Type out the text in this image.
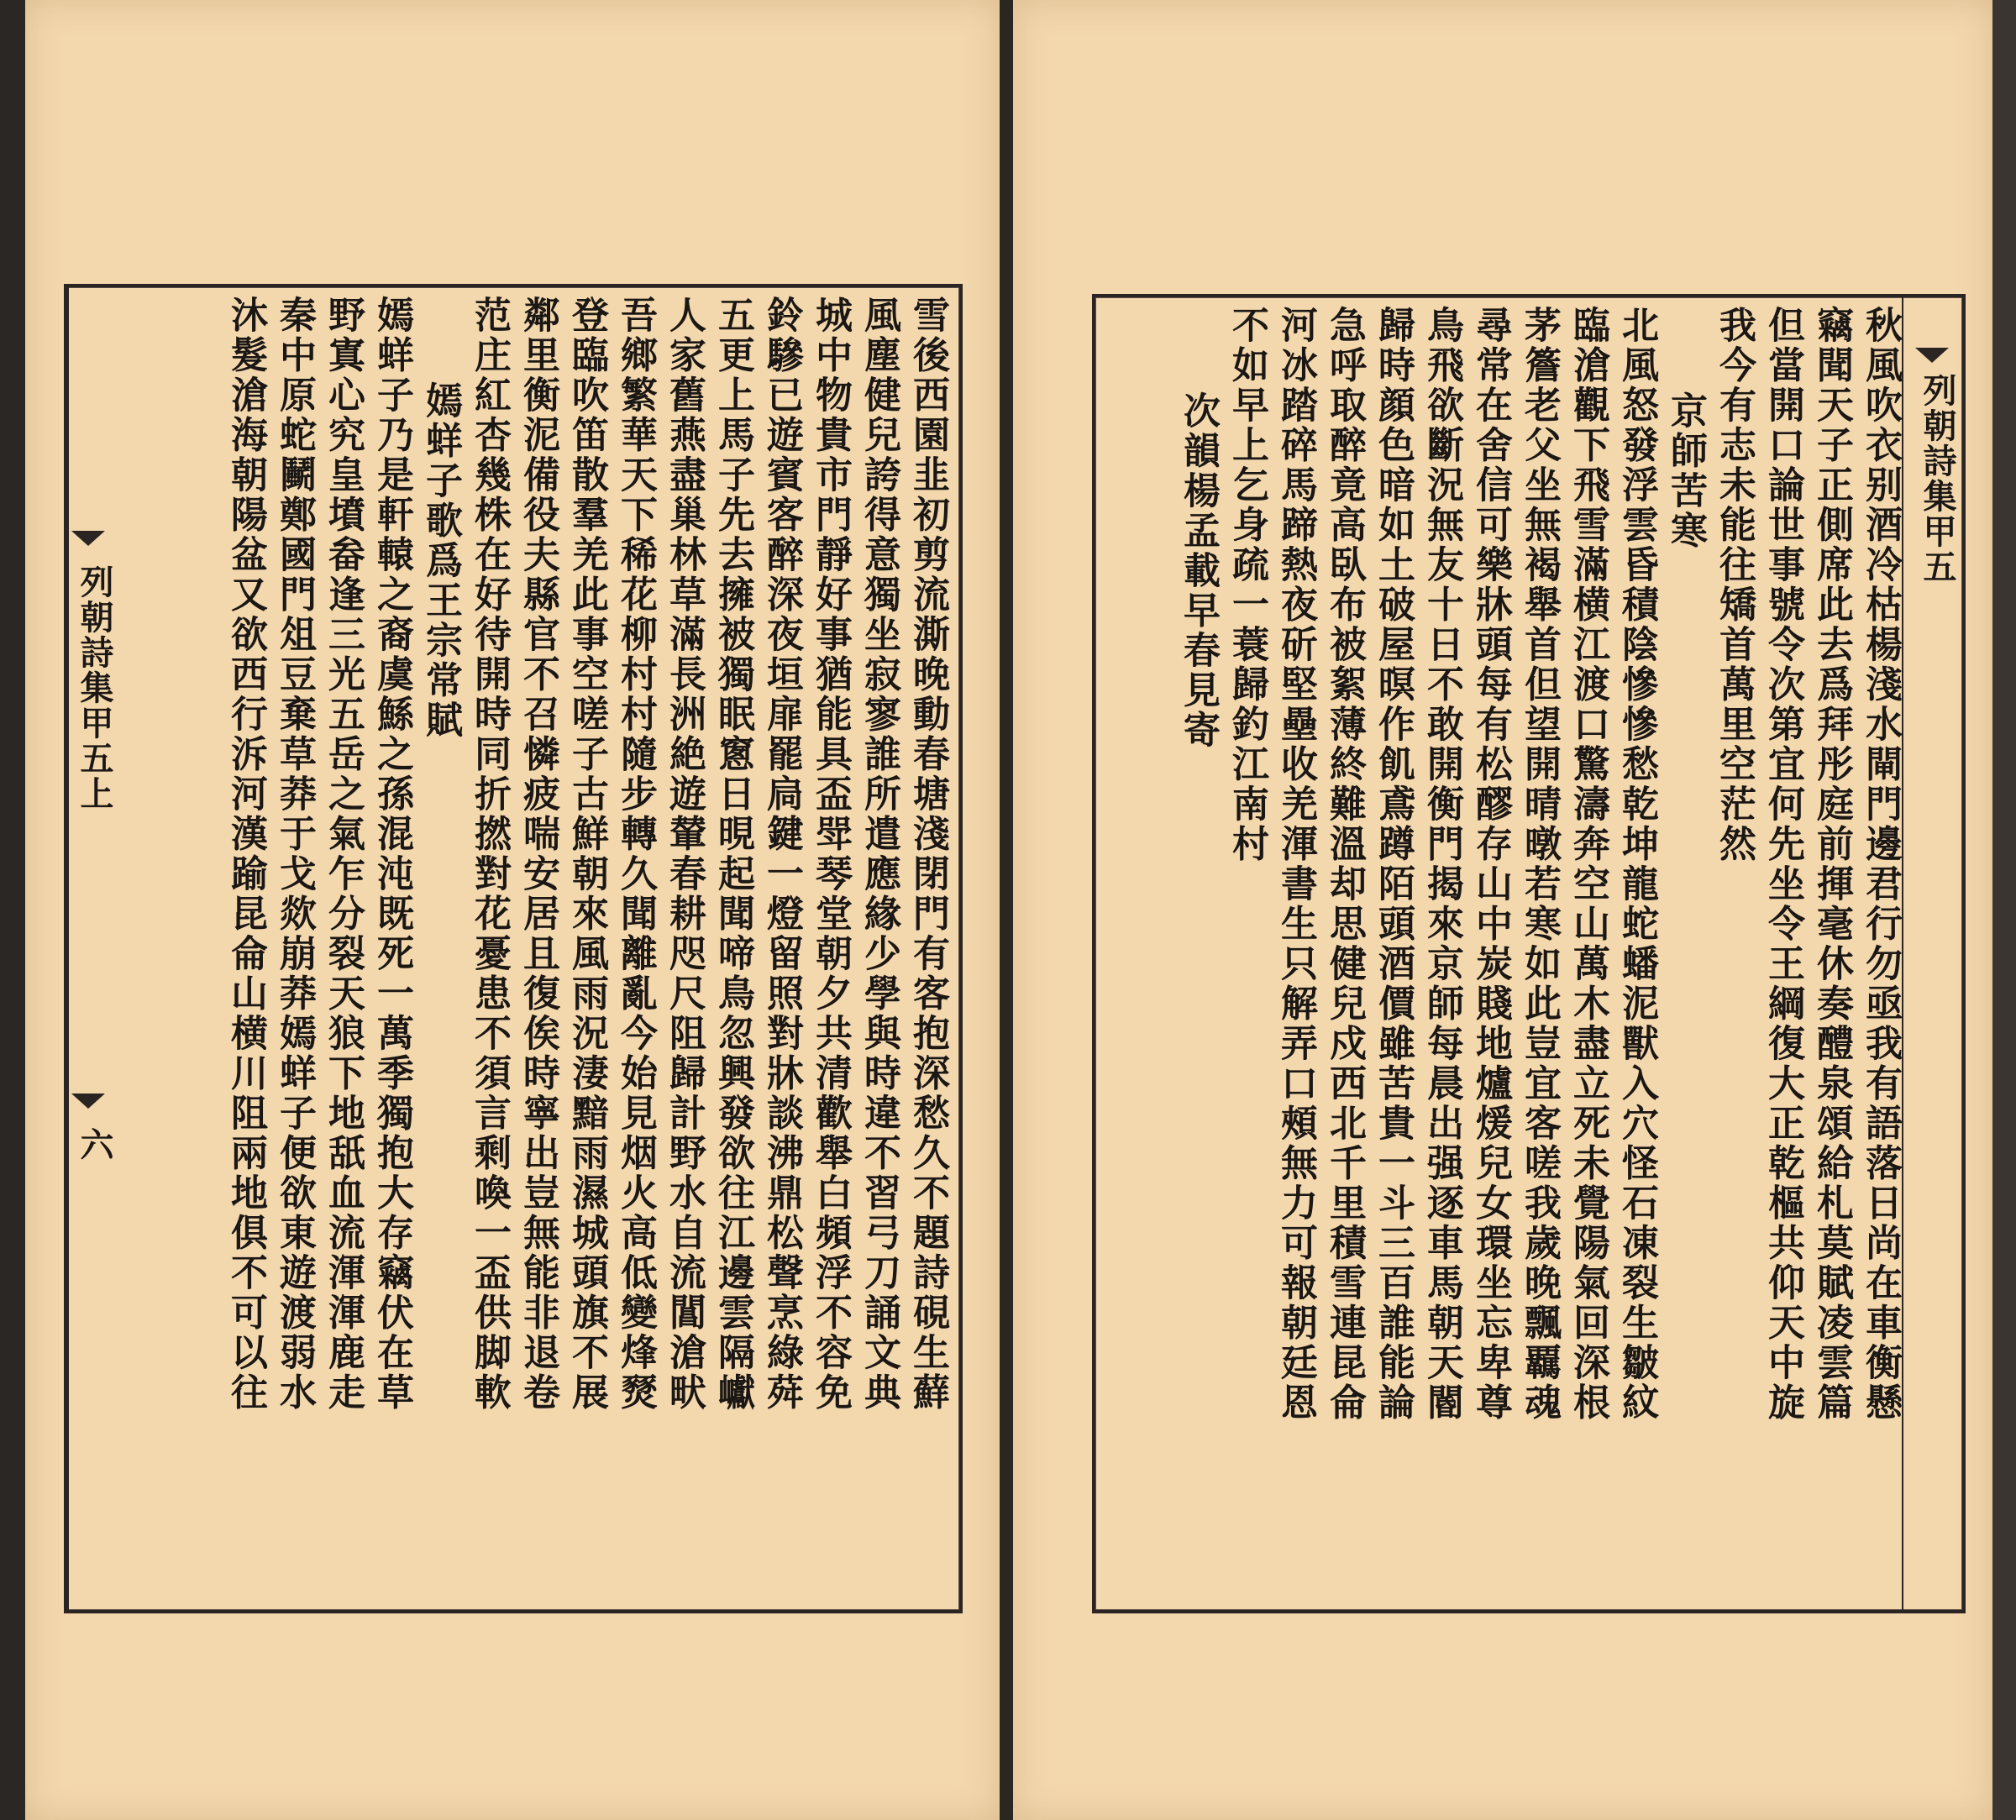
列朝詩集甲五上
六	雪後西園韭初剪流澌晚動春塘淺閉門有客抱深愁久不題詩硯生蘚
風塵健兒誇得意獨坐寂寥誰所遣應緣少學與時違不習弓刀誦文典
城中物貴市門靜好事猶能具盃斝琴堂朝夕共清歡舉白頻浮不容免
鈴驂已遊賓客醉深夜垣扉罷扃鍵一燈留照對牀談沸鼎松聲烹綠荈
五更上馬子先去擁被獨眠窻日晛起聞啼鳥忽興發欲往江邊雲隔巘
人家舊燕盡巢林草滿長洲絶遊輦春耕咫尺阻歸計野水自流閶滄畎
吾鄉繁華天下稀花柳村村隨步轉久聞離亂今始見烟火高低變烽燹
登臨吹笛散羣羌此事空嗟子古鮮朝來風雨況淒黯雨濕城頭旗不展
鄰里衡泥備役夫縣官不召憐疲喘安居且復俟時寧出豈無能非退卷
范庄紅杏幾株在好待開時同折撚對花憂患不須言剩喚一盃供脚軟
嫣蛘子歌爲王宗常賦
嫣蛘子乃是軒轅之裔虞鯀之孫混沌既死一萬季獨抱大存竊伏在草
野寘心究皇墳畚逢三光五岳之氣乍分裂天狼下地舐血流渾渾鹿走
秦中原蛇鬭鄭國門俎豆棄草莽于戈欻崩莽嫣蛘子便欲東遊渡弱水
沐髮滄海朝陽盆又欲西行泝河漢踰昆侖山横川阻兩地俱不可以往	列朝詩集甲五
秋風吹衣别酒冷枯楊淺水閘門邊君行勿亟我有語落日尚在車衡懸
竊聞天子正側席此去爲拜彤庭前揮毫休奏醴泉頌給札莫賦凌雲篇
但當開口論世事號令次第宜何先坐令王綱復大正乾樞共仰天中旋
我今有志未能往矯首萬里空茫然
京師苦寒
北風怒發浮雲昏積陰慘慘愁乾坤龍蛇蟠泥獸入穴怪石凍裂生皺紋
臨滄觀下飛雪滿横江渡口驚濤奔空山萬木盡立死未覺陽氣回深根
茅簷老父坐無褐舉首但望開晴暾若寒如此豈宜客嗟我歲晚飄覊魂
尋常在舍信可樂牀頭每有松醪存山中炭賤地爐煖兒女環坐忘卑尊
鳥飛欲斷況無友十日不敢開衡門揭來京師每晨出强逐車馬朝天閽
歸時顔色暗如土破屋暝作飢鳶蹲陌頭酒價雖苦貴一斗三百誰能論
急呼取醉竟高臥布被絮薄終難溫却思健兒戍西北千里積雪連昆侖
河冰踏碎馬蹄熱夜斫堅壘收羌渾書生只解弄口頰無力可報朝廷恩
不如早上乞身疏一蓑歸釣江南村
次韻楊孟載早春見寄
